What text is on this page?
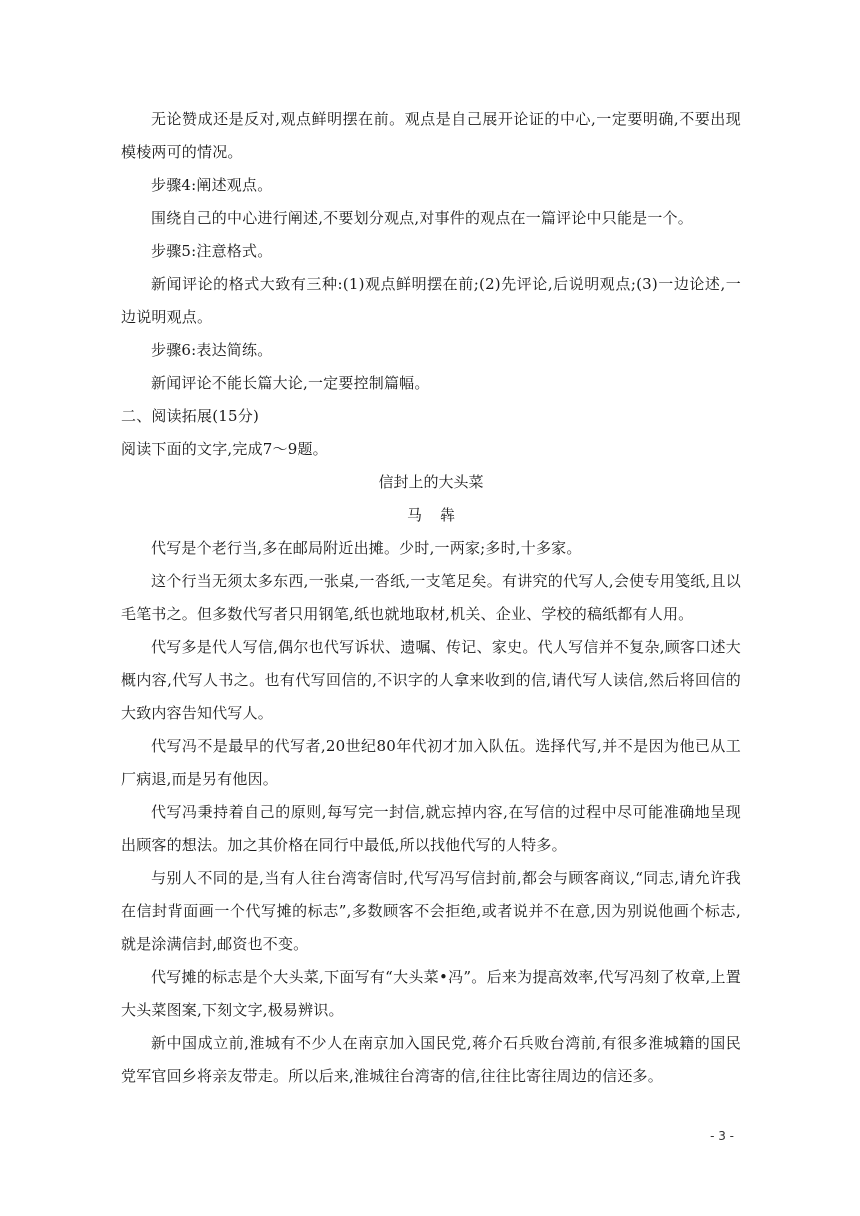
无论赞成还是反对,观点鲜明摆在前。观点是自己展开论证的中心,一定要明确,不要出现模棱两可的情况。

步骤4:阐述观点。

围绕自己的中心进行阐述,不要划分观点,对事件的观点在一篇评论中只能是一个。

步骤5:注意格式。

新闻评论的格式大致有三种:(1)观点鲜明摆在前;(2)先评论,后说明观点;(3)一边论述,一边说明观点。

步骤6:表达简练。

新闻评论不能长篇大论,一定要控制篇幅。

二、阅读拓展(15分)

阅读下面的文字,完成7～9题。

信封上的大头菜

马犇

代写是个老行当,多在邮局附近出摊。少时,一两家;多时,十多家。

这个行当无须太多东西,一张桌,一沓纸,一支笔足矣。有讲究的代写人,会使专用笺纸,且以毛笔书之。但多数代写者只用钢笔,纸也就地取材,机关、企业、学校的稿纸都有人用。

代写多是代人写信,偶尔也代写诉状、遗嘱、传记、家史。代人写信并不复杂,顾客口述大概内容,代写人书之。也有代写回信的,不识字的人拿来收到的信,请代写人读信,然后将回信的大致内容告知代写人。

代写冯不是最早的代写者,20世纪80年代初才加入队伍。选择代写,并不是因为他已从工厂病退,而是另有他因。

代写冯秉持着自己的原则,每写完一封信,就忘掉内容,在写信的过程中尽可能准确地呈现出顾客的想法。加之其价格在同行中最低,所以找他代写的人特多。

与别人不同的是,当有人往台湾寄信时,代写冯写信封前,都会与顾客商议,“同志,请允许我在信封背面画一个代写摊的标志”,多数顾客不会拒绝,或者说并不在意,因为别说他画个标志,就是涂满信封,邮资也不变。

代写摊的标志是个大头菜,下面写有“大头菜•冯”。后来为提高效率,代写冯刻了枚章,上置大头菜图案,下刻文字,极易辨识。

新中国成立前,淮城有不少人在南京加入国民党,蒋介石兵败台湾前,有很多淮城籍的国民党军官回乡将亲友带走。所以后来,淮城往台湾寄的信,往往比寄往周边的信还多。

- 3 -
